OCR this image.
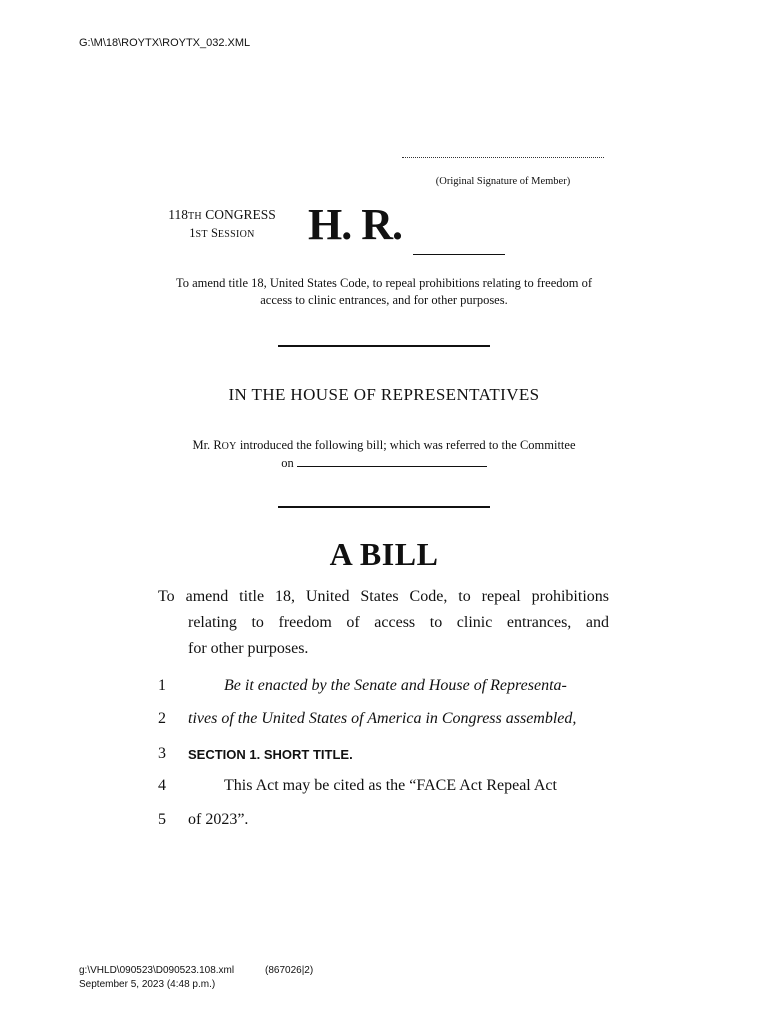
G:\M\18\ROYTX\ROYTX_032.XML
(Original Signature of Member)
118TH CONGRESS
1ST SESSION	H. R.
To amend title 18, United States Code, to repeal prohibitions relating to freedom of access to clinic entrances, and for other purposes.
IN THE HOUSE OF REPRESENTATIVES
Mr. ROY introduced the following bill; which was referred to the Committee
on
A BILL
To amend title 18, United States Code, to repeal prohibitions
relating to freedom of access to clinic entrances, and
for other purposes.
1	Be it enacted by the Senate and House of Representa-
2	tives of the United States of America in Congress assembled,
3	SECTION 1. SHORT TITLE.
4	This Act may be cited as the “FACE Act Repeal Act
5	of 2023”.
g:\VHLD\090523\D090523.108.xml	(867026|2)
September 5, 2023 (4:48 p.m.)
